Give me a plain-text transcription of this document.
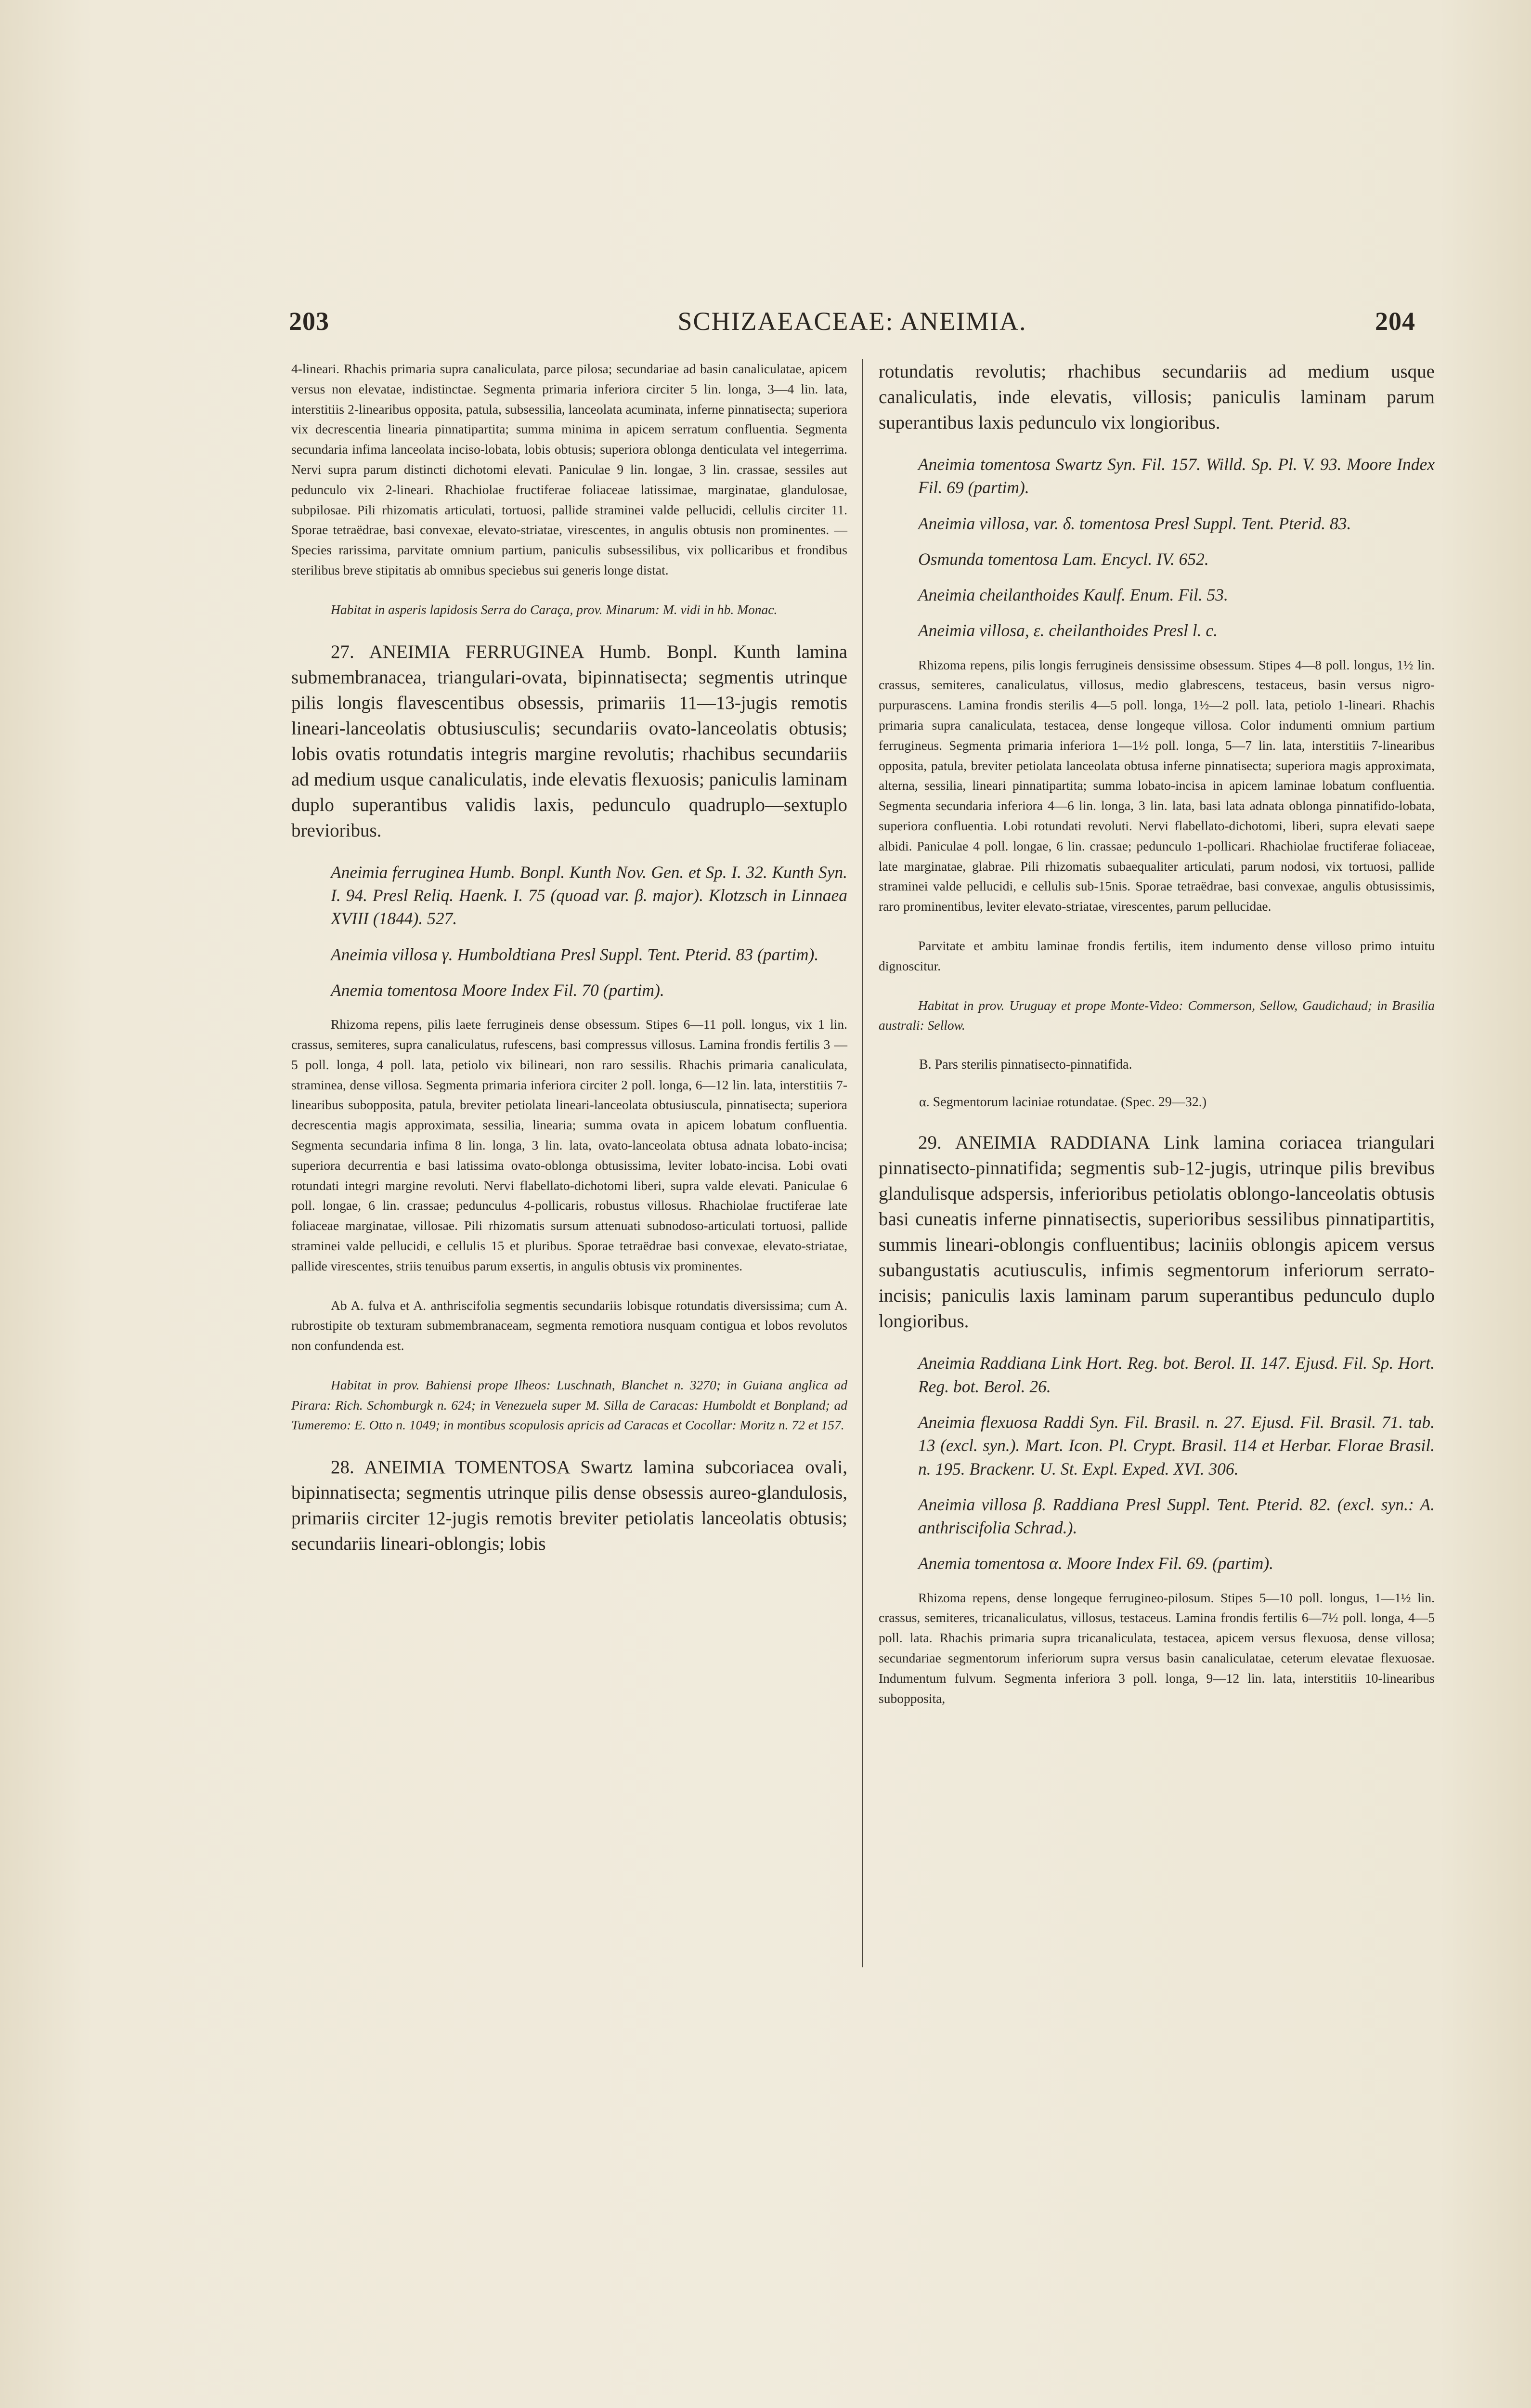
203	SCHIZAEACEAE: ANEIMIA.	204

4-lineari. Rhachis primaria supra canaliculata, parce pilosa; secundariae ad basin canaliculatae, apicem versus non elevatae, indistinctae. Segmenta primaria inferiora circiter 5 lin. longa, 3—4 lin. lata, interstitiis 2-linearibus opposita, patula, subsessilia, lanceolata acuminata, inferne pinnatisecta; superiora vix decrescentia linearia pinnatipartita; summa minima in apicem serratum confluentia. Segmenta secundaria infima lanceolata inciso-lobata, lobis obtusis; superiora oblonga denticulata vel integerrima. Nervi supra parum distincti dichotomi elevati. Paniculae 9 lin. longae, 3 lin. crassae, sessiles aut pedunculo vix 2-lineari. Rhachiolae fructiferae foliaceae latissimae, marginatae, glandulosae, subpilosae. Pili rhizomatis articulati, tortuosi, pallide straminei valde pellucidi, cellulis circiter 11. Sporae tetraëdrae, basi convexae, elevato-striatae, virescentes, in angulis obtusis non prominentes. — Species rarissima, parvitate omnium partium, paniculis subsessilibus, vix pollicaribus et frondibus sterilibus breve stipitatis ab omnibus speciebus sui generis longe distat.

Habitat in asperis lapidosis Serra do Caraça, prov. Minarum: M. vidi in hb. Monac.

27. ANEIMIA FERRUGINEA Humb. Bonpl. Kunth lamina submembranacea, triangulari-ovata, bipinnatisecta; segmentis utrinque pilis longis flavescentibus obsessis, primariis 11—13-jugis remotis lineari-lanceolatis obtusiusculis; secundariis ovato-lanceolatis obtusis; lobis ovatis rotundatis integris margine revolutis; rhachibus secundariis ad medium usque canaliculatis, inde elevatis flexuosis; paniculis laminam duplo superantibus validis laxis, pedunculo quadruplo—sextuplo brevioribus.

Aneimia ferruginea Humb. Bonpl. Kunth Nov. Gen. et Sp. I. 32. Kunth Syn. I. 94. Presl Reliq. Haenk. I. 75 (quoad var. β. major). Klotzsch in Linnaea XVIII (1844). 527.

Aneimia villosa γ. Humboldtiana Presl Suppl. Tent. Pterid. 83 (partim).

Anemia tomentosa Moore Index Fil. 70 (partim).

Rhizoma repens, pilis laete ferrugineis dense obsessum. Stipes 6—11 poll. longus, vix 1 lin. crassus, semiteres, supra canaliculatus, rufescens, basi compressus villosus. Lamina frondis fertilis 3 — 5 poll. longa, 4 poll. lata, petiolo vix bilineari, non raro sessilis. Rhachis primaria canaliculata, straminea, dense villosa. Segmenta primaria inferiora circiter 2 poll. longa, 6—12 lin. lata, interstitiis 7-linearibus subopposita, patula, breviter petiolata lineari-lanceolata obtusiuscula, pinnatisecta; superiora decrescentia magis approximata, sessilia, linearia; summa ovata in apicem lobatum confluentia. Segmenta secundaria infima 8 lin. longa, 3 lin. lata, ovato-lanceolata obtusa adnata lobato-incisa; superiora decurrentia e basi latissima ovato-oblonga obtusissima, leviter lobato-incisa. Lobi ovati rotundati integri margine revoluti. Nervi flabellato-dichotomi liberi, supra valde elevati. Paniculae 6 poll. longae, 6 lin. crassae; pedunculus 4-pollicaris, robustus villosus. Rhachiolae fructiferae late foliaceae marginatae, villosae. Pili rhizomatis sursum attenuati subnodoso-articulati tortuosi, pallide straminei valde pellucidi, e cellulis 15 et pluribus. Sporae tetraëdrae basi convexae, elevato-striatae, pallide virescentes, striis tenuibus parum exsertis, in angulis obtusis vix prominentes.

Ab A. fulva et A. anthriscifolia segmentis secundariis lobisque rotundatis diversissima; cum A. rubrostipite ob texturam submembranaceam, segmenta remotiora nusquam contigua et lobos revolutos non confundenda est.

Habitat in prov. Bahiensi prope Ilheos: Luschnath, Blanchet n. 3270; in Guiana anglica ad Pirara: Rich. Schomburgk n. 624; in Venezuela super M. Silla de Caracas: Humboldt et Bonpland; ad Tumeremo: E. Otto n. 1049; in montibus scopulosis apricis ad Caracas et Cocollar: Moritz n. 72 et 157.

28. ANEIMIA TOMENTOSA Swartz lamina subcoriacea ovali, bipinnatisecta; segmentis utrinque pilis dense obsessis aureo-glandulosis, primariis circiter 12-jugis remotis breviter petiolatis lanceolatis obtusis; secundariis lineari-oblongis; lobis

rotundatis revolutis; rhachibus secundariis ad medium usque canaliculatis, inde elevatis, villosis; paniculis laminam parum superantibus laxis pedunculo vix longioribus.

Aneimia tomentosa Swartz Syn. Fil. 157. Willd. Sp. Pl. V. 93. Moore Index Fil. 69 (partim).

Aneimia villosa, var. δ. tomentosa Presl Suppl. Tent. Pterid. 83.

Osmunda tomentosa Lam. Encycl. IV. 652.

Aneimia cheilanthoides Kaulf. Enum. Fil. 53.

Aneimia villosa, ε. cheilanthoides Presl l. c.

Rhizoma repens, pilis longis ferrugineis densissime obsessum. Stipes 4—8 poll. longus, 1½ lin. crassus, semiteres, canaliculatus, villosus, medio glabrescens, testaceus, basin versus nigro-purpurascens. Lamina frondis sterilis 4—5 poll. longa, 1½—2 poll. lata, petiolo 1-lineari. Rhachis primaria supra canaliculata, testacea, dense longeque villosa. Color indumenti omnium partium ferrugineus. Segmenta primaria inferiora 1—1½ poll. longa, 5—7 lin. lata, interstitiis 7-linearibus opposita, patula, breviter petiolata lanceolata obtusa inferne pinnatisecta; superiora magis approximata, alterna, sessilia, lineari pinnatipartita; summa lobato-incisa in apicem laminae lobatum confluentia. Segmenta secundaria inferiora 4—6 lin. longa, 3 lin. lata, basi lata adnata oblonga pinnatifido-lobata, superiora confluentia. Lobi rotundati revoluti. Nervi flabellato-dichotomi, liberi, supra elevati saepe albidi. Paniculae 4 poll. longae, 6 lin. crassae; pedunculo 1-pollicari. Rhachiolae fructiferae foliaceae, late marginatae, glabrae. Pili rhizomatis subaequaliter articulati, parum nodosi, vix tortuosi, pallide straminei valde pellucidi, e cellulis sub-15nis. Sporae tetraëdrae, basi convexae, angulis obtusissimis, raro prominentibus, leviter elevato-striatae, virescentes, parum pellucidae.

Parvitate et ambitu laminae frondis fertilis, item indumento dense villoso primo intuitu dignoscitur.

Habitat in prov. Uruguay et prope Monte-Video: Commerson, Sellow, Gaudichaud; in Brasilia australi: Sellow.

B. Pars sterilis pinnatisecto-pinnatifida.

α. Segmentorum laciniae rotundatae. (Spec. 29—32.)

29. ANEIMIA RADDIANA Link lamina coriacea triangulari pinnatisecto-pinnatifida; segmentis sub-12-jugis, utrinque pilis brevibus glandulisque adspersis, inferioribus petiolatis oblongo-lanceolatis obtusis basi cuneatis inferne pinnatisectis, superioribus sessilibus pinnatipartitis, summis lineari-oblongis confluentibus; laciniis oblongis apicem versus subangustatis acutiusculis, infimis segmentorum inferiorum serrato-incisis; paniculis laxis laminam parum superantibus pedunculo duplo longioribus.

Aneimia Raddiana Link Hort. Reg. bot. Berol. II. 147. Ejusd. Fil. Sp. Hort. Reg. bot. Berol. 26.

Aneimia flexuosa Raddi Syn. Fil. Brasil. n. 27. Ejusd. Fil. Brasil. 71. tab. 13 (excl. syn.). Mart. Icon. Pl. Crypt. Brasil. 114 et Herbar. Florae Brasil. n. 195. Brackenr. U. St. Expl. Exped. XVI. 306.

Aneimia villosa β. Raddiana Presl Suppl. Tent. Pterid. 82. (excl. syn.: A. anthriscifolia Schrad.).

Anemia tomentosa α. Moore Index Fil. 69. (partim).

Rhizoma repens, dense longeque ferrugineo-pilosum. Stipes 5—10 poll. longus, 1—1½ lin. crassus, semiteres, tricanaliculatus, villosus, testaceus. Lamina frondis fertilis 6—7½ poll. longa, 4—5 poll. lata. Rhachis primaria supra tricanaliculata, testacea, apicem versus flexuosa, dense villosa; secundariae segmentorum inferiorum supra versus basin canaliculatae, ceterum elevatae flexuosae. Indumentum fulvum. Segmenta inferiora 3 poll. longa, 9—12 lin. lata, interstitiis 10-linearibus subopposita,
